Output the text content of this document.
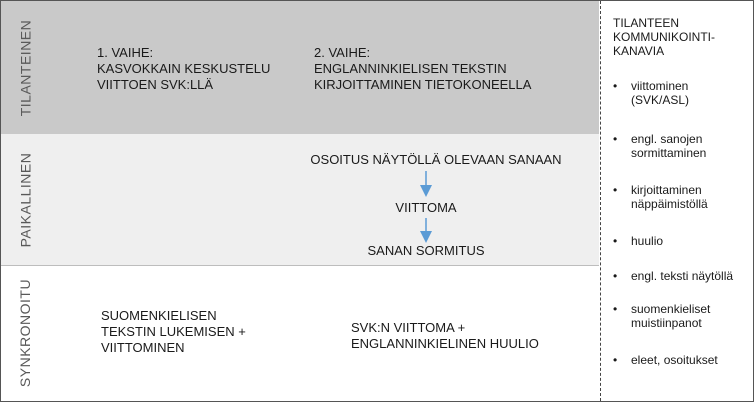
TILANTEINEN
PAIKALLINEN
SYNKRONOITU
1. VAIHE:
KASVOKKAIN KESKUSTELU
VIITTOEN SVK:LLÄ
2. VAIHE:
ENGLANNINKIELISEN TEKSTIN
KIRJOITTAMINEN TIETOKONEELLA
OSOITUS NÄYTÖLLÄ OLEVAAN SANAAN
VIITTOMA
SANAN SORMITUS
SUOMENKIELISEN
TEKSTIN LUKEMISEN +
VIITTOMINEN
SVK:N VIITTOMA +
ENGLANNINKIELINEN HUULIO
TILANTEEN
KOMMUNIKOINTI-
KANAVIA
• viittominen
(SVK/ASL)
• engl. sanojen
sormittaminen
• kirjoittaminen
näppäimistöllä
• huulio
• engl. teksti näytöllä
• suomenkieliset
muistiinpanot
• eleet, osoitukset
